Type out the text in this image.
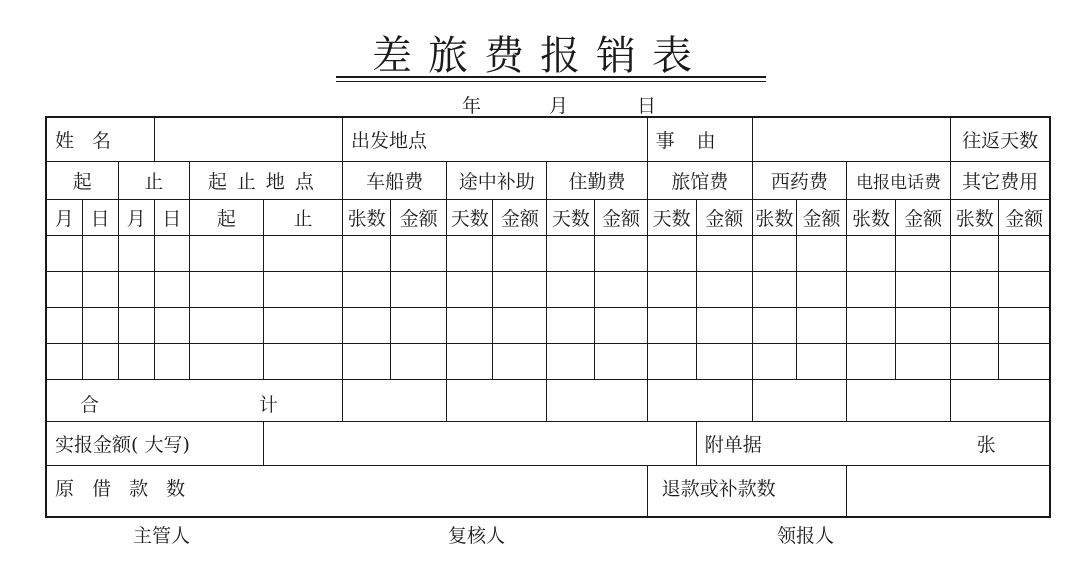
差旅费报销表
年	月	日
姓 名						出发地点						事 由						往返天数	
起		止		起止地点		车船费		途中补助		住勤费		旅馆费		西药费		电报电话费		其它费用	
月	日	月	日	起	止	张数	金额	天数	金额	天数	金额	天数	金额	张数	金额	张数	金额	张数	金额

合 计																			
实报金额( 大写)													附单据 张						
原 借 款 数												退款或补款数							
主管人	复核人	领报人
